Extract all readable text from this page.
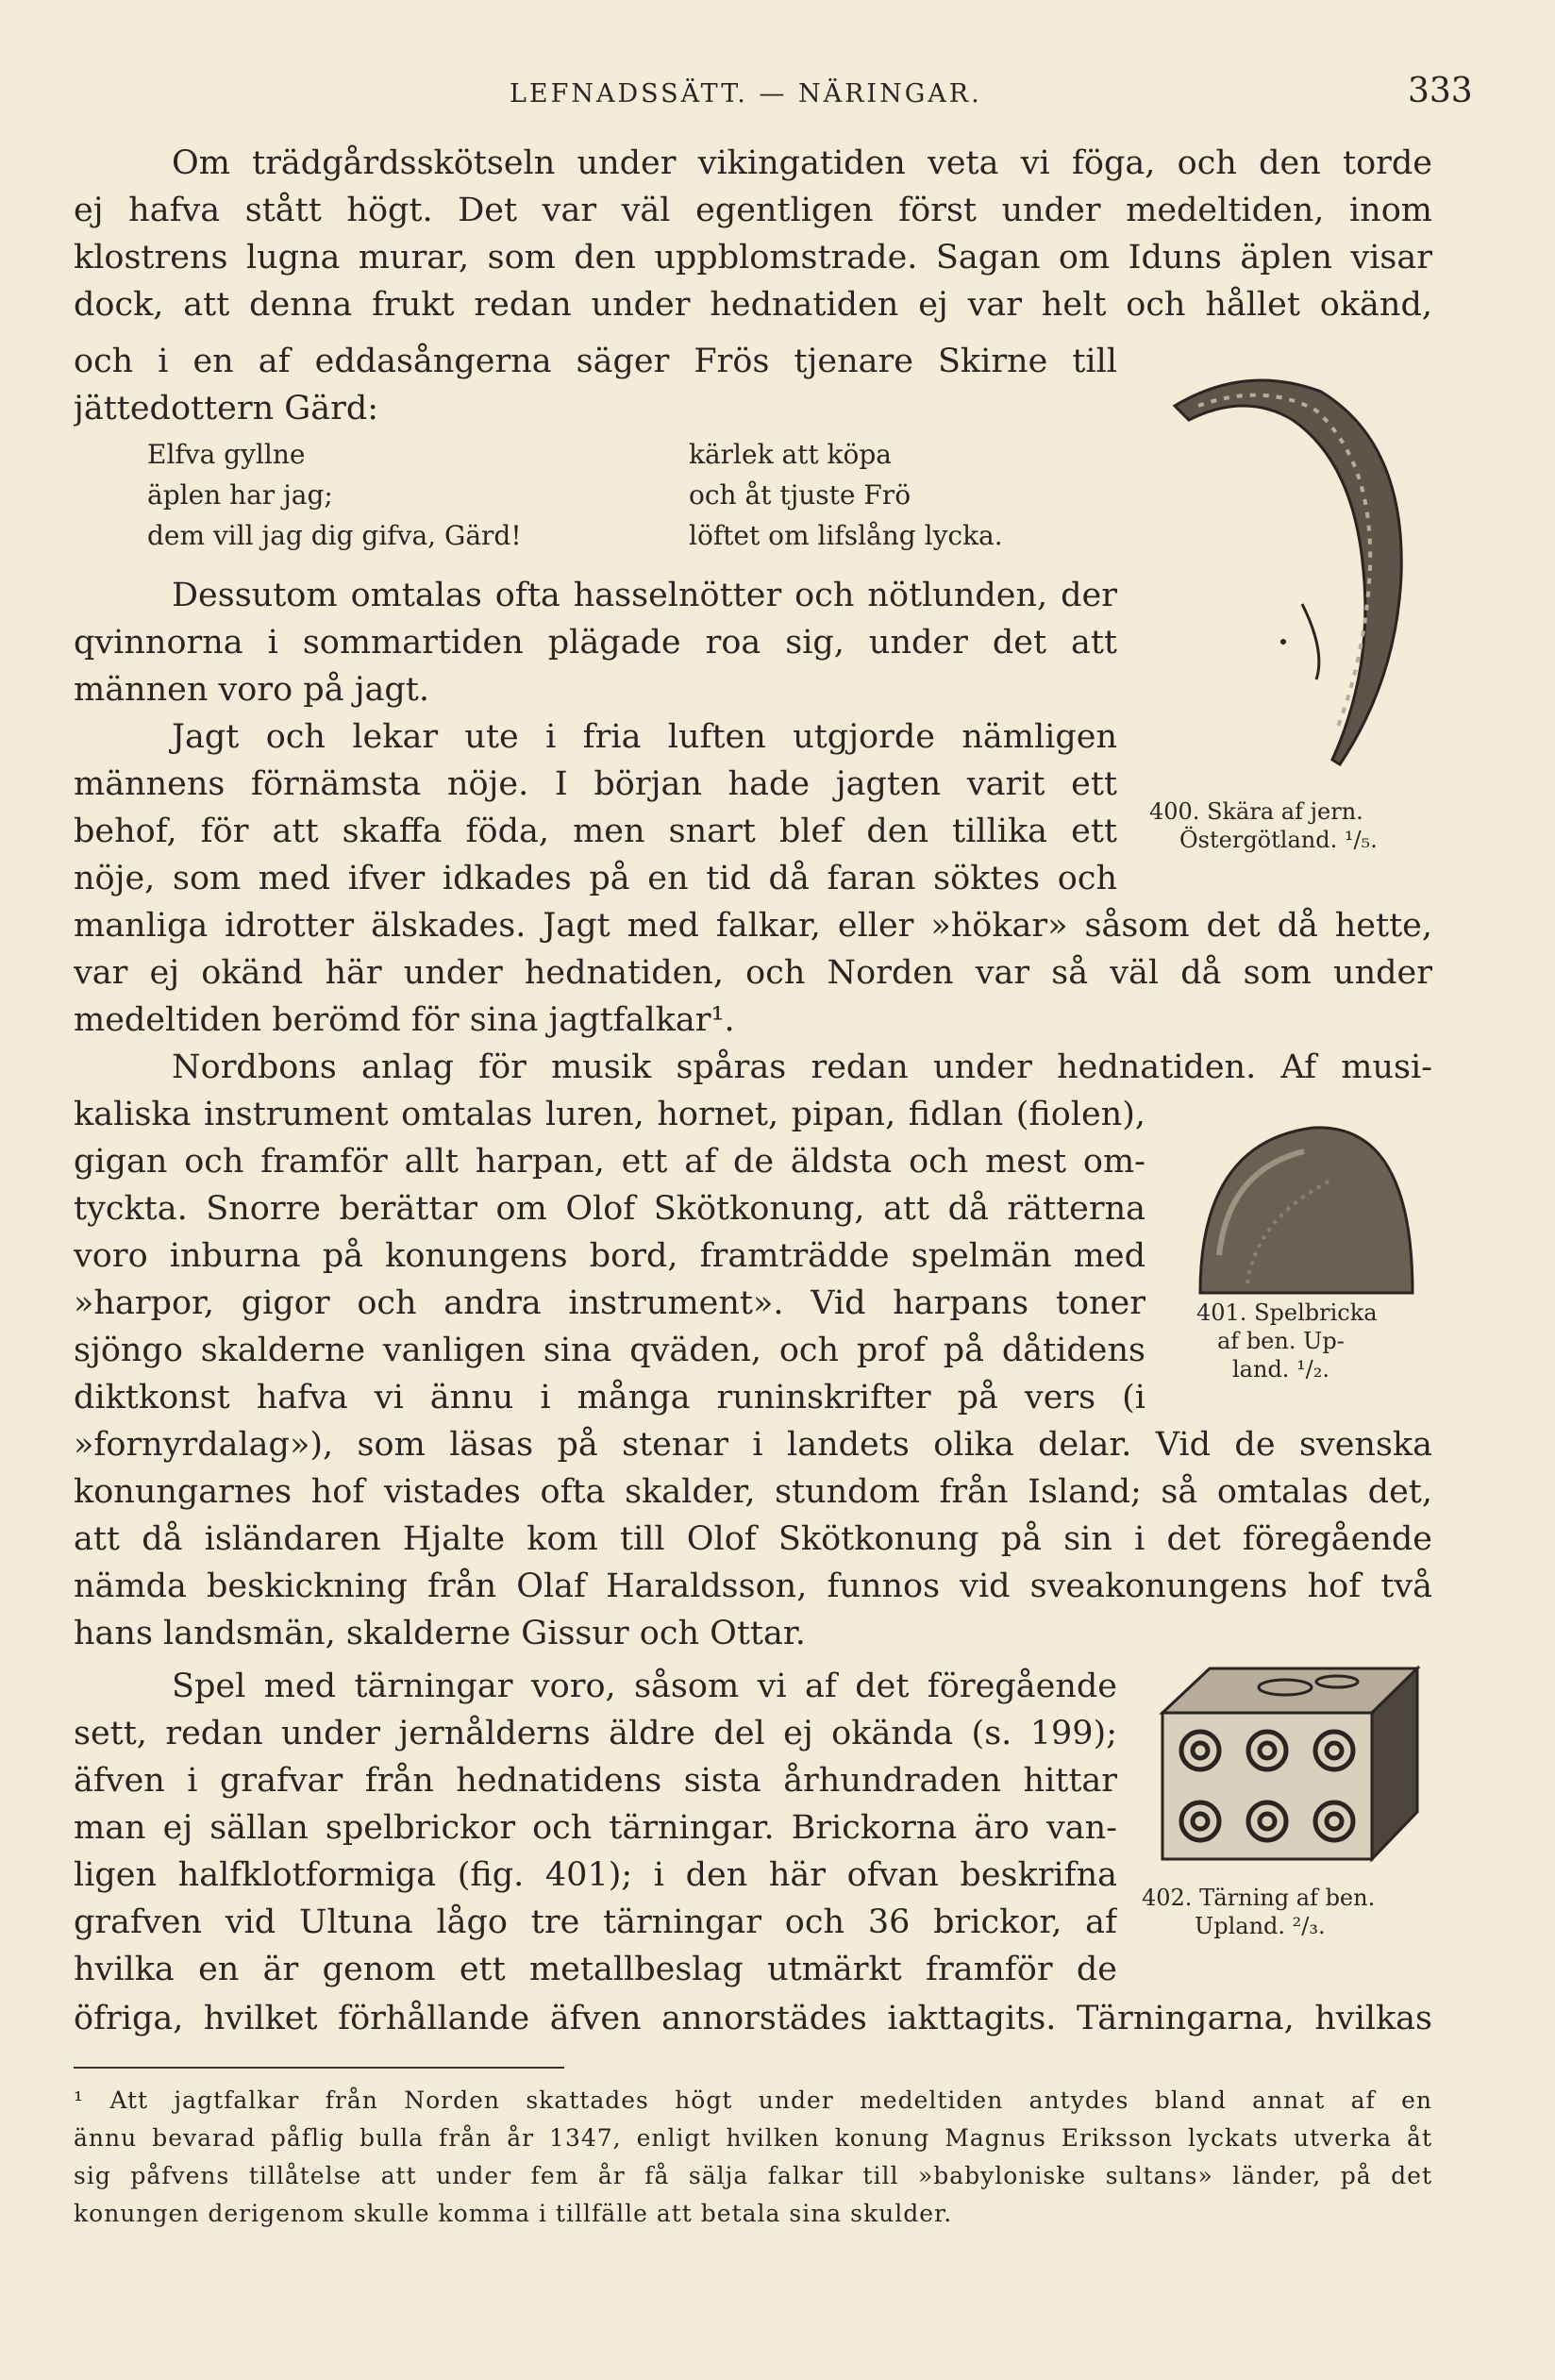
LEFNADSSÄTT. — NÄRINGAR.	333
Om trädgårdsskötseln under vikingatiden veta vi föga, och den torde
ej hafva stått högt. Det var väl egentligen först under medeltiden, inom
klostrens lugna murar, som den uppblomstrade. Sagan om Iduns äplen visar
dock, att denna frukt redan under hednatiden ej var helt och hållet okänd,
och i en af eddasångerna säger Frös tjenare Skirne till
jättedottern Gärd:
Elfva gyllne
äplen har jag;
dem vill jag dig gifva, Gärd!
kärlek att köpa
och åt tjuste Frö
löftet om lifslång lycka.
Dessutom omtalas ofta hasselnötter och nötlunden, der
qvinnorna i sommartiden plägade roa sig, under det att
männen voro på jagt.
Jagt och lekar ute i fria luften utgjorde nämligen
männens förnämsta nöje. I början hade jagten varit ett
behof, för att skaffa föda, men snart blef den tillika ett
nöje, som med ifver idkades på en tid då faran söktes och
manliga idrotter älskades. Jagt med falkar, eller »hökar» såsom det då hette,
var ej okänd här under hednatiden, och Norden var så väl då som under
medeltiden berömd för sina jagtfalkar¹.
Nordbons anlag för musik spåras redan under hednatiden. Af musi-
kaliska instrument omtalas luren, hornet, pipan, fidlan (fiolen),
gigan och framför allt harpan, ett af de äldsta och mest om-
tyckta. Snorre berättar om Olof Skötkonung, att då rätterna
voro inburna på konungens bord, framträdde spelmän med
»harpor, gigor och andra instrument». Vid harpans toner
sjöngo skalderne vanligen sina qväden, och prof på dåtidens
diktkonst hafva vi ännu i många runinskrifter på vers (i
»fornyrdalag»), som läsas på stenar i landets olika delar. Vid de svenska
konungarnes hof vistades ofta skalder, stundom från Island; så omtalas det,
att då isländaren Hjalte kom till Olof Skötkonung på sin i det föregående
nämda beskickning från Olaf Haraldsson, funnos vid sveakonungens hof två
hans landsmän, skalderne Gissur och Ottar.
Spel med tärningar voro, såsom vi af det föregående
sett, redan under jernålderns äldre del ej okända (s. 199);
äfven i grafvar från hednatidens sista århundraden hittar
man ej sällan spelbrickor och tärningar. Brickorna äro van-
ligen halfklotformiga (fig. 401); i den här ofvan beskrifna
grafven vid Ultuna lågo tre tärningar och 36 brickor, af
hvilka en är genom ett metallbeslag utmärkt framför de
öfriga, hvilket förhållande äfven annorstädes iakttagits. Tärningarna, hvilkas
400. Skära af jern.
Östergötland. ¹/₅.
401. Spelbricka
af ben. Up-
land. ¹/₂.
402. Tärning af ben.
Upland. ²/₃.
¹ Att jagtfalkar från Norden skattades högt under medeltiden antydes bland annat af en
ännu bevarad påflig bulla från år 1347, enligt hvilken konung Magnus Eriksson lyckats utverka åt
sig påfvens tillåtelse att under fem år få sälja falkar till »babyloniske sultans» länder, på det
konungen derigenom skulle komma i tillfälle att betala sina skulder.
